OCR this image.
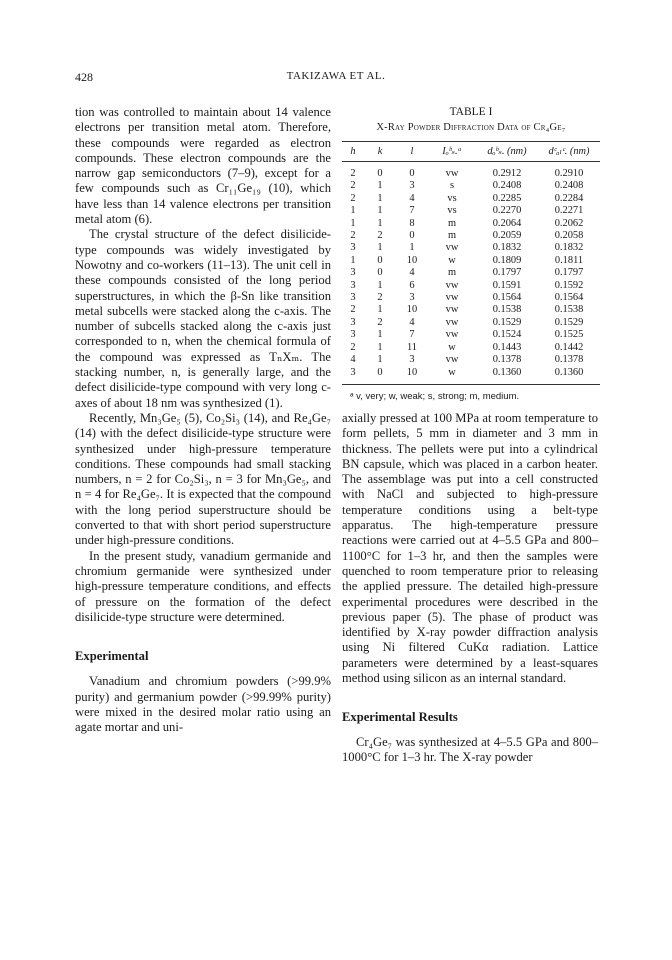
428	TAKIZAWA ET AL.

tion was controlled to maintain about 14 valence electrons per transition metal atom. Therefore, these compounds were regarded as electron compounds. These electron compounds are the narrow gap semiconductors (7–9), except for a few compounds such as Cr₁₁Ge₁₉ (10), which have less than 14 valence electrons per transition metal atom (6).

The crystal structure of the defect disilicide-type compounds was widely investigated by Nowotny and co-workers (11–13). The unit cell in these compounds consisted of the long period superstructures, in which the β-Sn like transition metal subcells were stacked along the c-axis. The number of subcells stacked along the c-axis just corresponded to n, when the chemical formula of the compound was expressed as TₙXₘ. The stacking number, n, is generally large, and the defect disilicide-type compound with very long c-axes of about 18 nm was synthesized (1).

Recently, Mn₃Ge₅ (5), Co₂Si₃ (14), and Re₄Ge₇ (14) with the defect disilicide-type structure were synthesized under high-pressure temperature conditions. These compounds had small stacking numbers, n = 2 for Co₂Si₃, n = 3 for Mn₃Ge₅, and n = 4 for Re₄Ge₇. It is expected that the compound with the long period superstructure should be converted to that with short period superstructure under high-pressure conditions.

In the present study, vanadium germanide and chromium germanide were synthesized under high-pressure temperature conditions, and effects of pressure on the formation of the defect disilicide-type structure were determined.

Experimental

Vanadium and chromium powders (>99.9% purity) and germanium powder (>99.99% purity) were mixed in the desired molar ratio using an agate mortar and uni-

TABLE I
X-Ray Powder Diffraction Data of Cr₄Ge₇
h	k	l	Iₒᵇₛ.ᵃ	dₒᵇₛ. (nm)	dᶜₐₗᶜ. (nm)
2	0	0	vw	0.2912	0.2910
2	1	3	s	0.2408	0.2408
2	1	4	vs	0.2285	0.2284
1	1	7	vs	0.2270	0.2271
1	1	8	m	0.2064	0.2062
2	2	0	m	0.2059	0.2058
3	1	1	vw	0.1832	0.1832
1	0	10	w	0.1809	0.1811
3	0	4	m	0.1797	0.1797
3	1	6	vw	0.1591	0.1592
3	2	3	vw	0.1564	0.1564
2	1	10	vw	0.1538	0.1538
3	2	4	vw	0.1529	0.1529
3	1	7	vw	0.1524	0.1525
2	1	11	w	0.1443	0.1442
4	1	3	vw	0.1378	0.1378
3	0	10	w	0.1360	0.1360
ᵃ v, very; w, weak; s, strong; m, medium.

axially pressed at 100 MPa at room temperature to form pellets, 5 mm in diameter and 3 mm in thickness. The pellets were put into a cylindrical BN capsule, which was placed in a carbon heater. The assemblage was put into a cell constructed with NaCl and subjected to high-pressure temperature conditions using a belt-type apparatus. The high-temperature pressure reactions were carried out at 4–5.5 GPa and 800–1100°C for 1–3 hr, and then the samples were quenched to room temperature prior to releasing the applied pressure. The detailed high-pressure experimental procedures were described in the previous paper (5). The phase of product was identified by X-ray powder diffraction analysis using Ni filtered CuKα radiation. Lattice parameters were determined by a least-squares method using silicon as an internal standard.

Experimental Results

Cr₄Ge₇ was synthesized at 4–5.5 GPa and 800–1000°C for 1–3 hr. The X-ray powder
